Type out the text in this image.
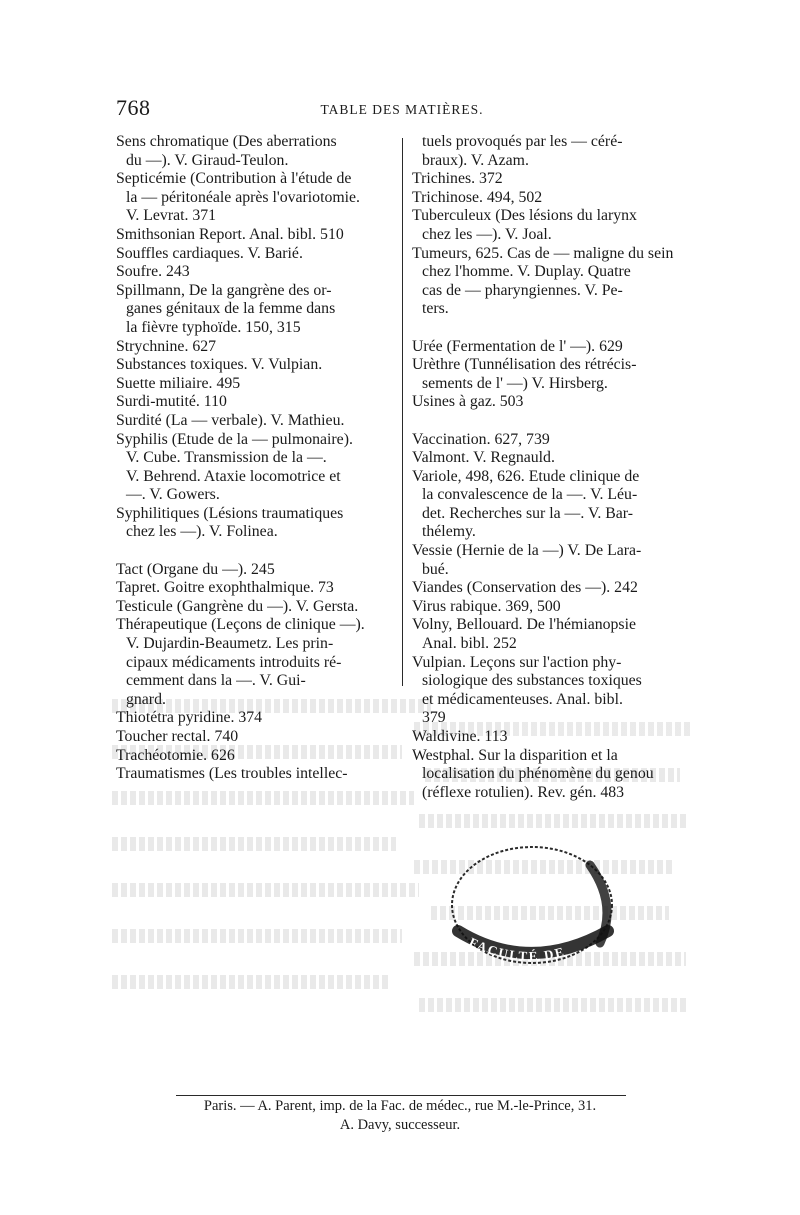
768	TABLE DES MATIÈRES.
Sens chromatique (Des aberrations
du —). V. Giraud-Teulon.
Septicémie (Contribution à l'étude de
la — péritonéale après l'ovariotomie.
V. Levrat. 371
Smithsonian Report. Anal. bibl. 510
Souffles cardiaques. V. Barié.
Soufre. 243
Spillmann, De la gangrène des or-
ganes génitaux de la femme dans
la fièvre typhoïde. 150, 315
Strychnine. 627
Substances toxiques. V. Vulpian.
Suette miliaire. 495
Surdi-mutité. 110
Surdité (La — verbale). V. Mathieu.
Syphilis (Etude de la — pulmonaire).
V. Cube. Transmission de la —.
V. Behrend. Ataxie locomotrice et
—. V. Gowers.
Syphilitiques (Lésions traumatiques
chez les —). V. Folinea.
Tact (Organe du —). 245
Tapret. Goitre exophthalmique. 73
Testicule (Gangrène du —). V. Gersta.
Thérapeutique (Leçons de clinique —).
V. Dujardin-Beaumetz. Les prin-
cipaux médicaments introduits ré-
cemment dans la —. V. Gui-
gnard.
Thiotétra pyridine. 374
Toucher rectal. 740
Trachéotomie. 626
Traumatismes (Les troubles intellec-
tuels provoqués par les — céré-
braux). V. Azam.
Trichines. 372
Trichinose. 494, 502
Tuberculeux (Des lésions du larynx
chez les —). V. Joal.
Tumeurs, 625. Cas de — maligne du sein
chez l'homme. V. Duplay. Quatre
cas de — pharyngiennes. V. Pe-
ters.
Urée (Fermentation de l' —). 629
Urèthre (Tunnélisation des rétrécis-
sements de l' —) V. Hirsberg.
Usines à gaz. 503
Vaccination. 627, 739
Valmont. V. Regnauld.
Variole, 498, 626. Etude clinique de
la convalescence de la —. V. Léu-
det. Recherches sur la —. V. Bar-
thélemy.
Vessie (Hernie de la —) V. De Lara-
bué.
Viandes (Conservation des —). 242
Virus rabique. 369, 500
Volny, Bellouard. De l'hémianopsie
Anal. bibl. 252
Vulpian. Leçons sur l'action phy-
siologique des substances toxiques
et médicamenteuses. Anal. bibl.
379
Waldivine. 113
Westphal. Sur la disparition et la
localisation du phénomène du genou
(réflexe rotulien). Rev. gén. 483
FACULTÉ DE
Paris. — A. Parent, imp. de la Fac. de médec., rue M.-le-Prince, 31.
A. Davy, successeur.
